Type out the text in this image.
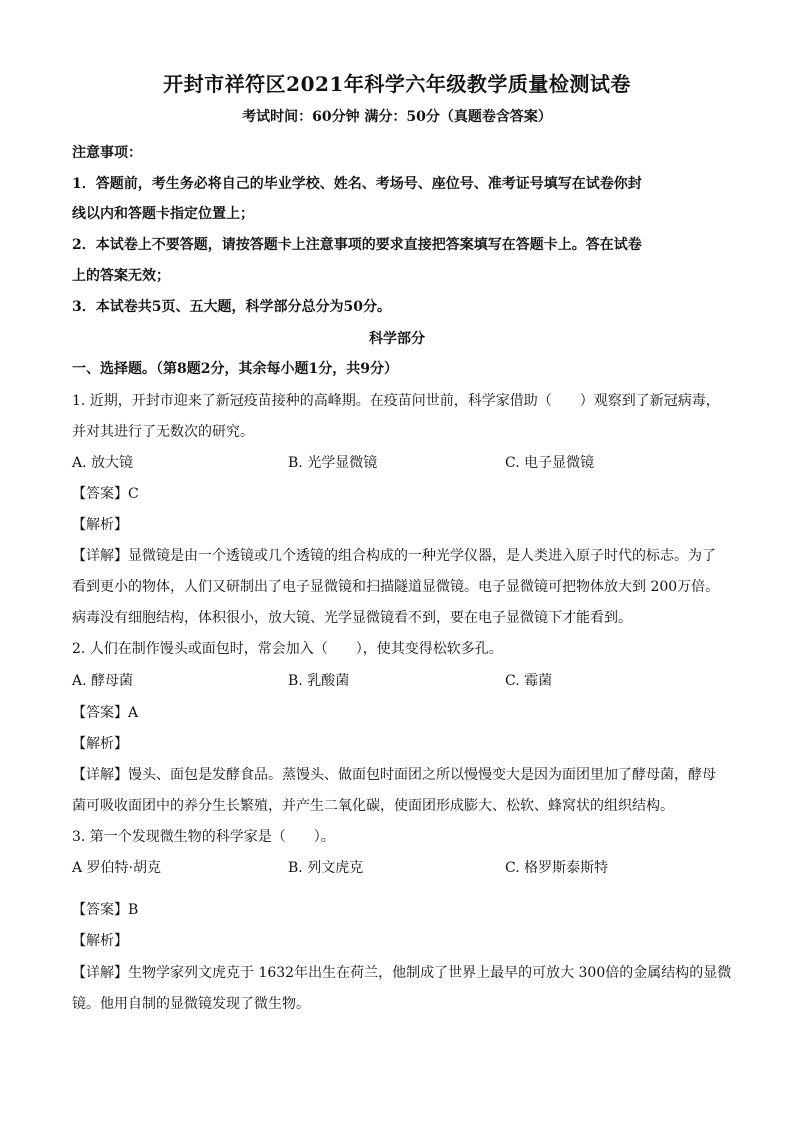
开封市祥符区2021年科学六年级教学质量检测试卷
考试时间：60分钟 满分：50分（真题卷含答案）
注意事项：
1．答题前，考生务必将自己的毕业学校、姓名、考场号、座位号、准考证号填写在试卷你封
线以内和答题卡指定位置上；
2．本试卷上不要答题，请按答题卡上注意事项的要求直接把答案填写在答题卡上。答在试卷
上的答案无效；
3．本试卷共5页、五大题，科学部分总分为50分。
科学部分
一、选择题。（第8题2分，其余每小题1分，共9分）
1. 近期，开封市迎来了新冠疫苗接种的高峰期。在疫苗问世前，科学家借助（　　）观察到了新冠病毒，
并对其进行了无数次的研究。
A. 放大镜	B. 光学显微镜	C. 电子显微镜
【答案】C
【解析】
【详解】显微镜是由一个透镜或几个透镜的组合构成的一种光学仪器，是人类进入原子时代的标志。为了
看到更小的物体，人们又研制出了电子显微镜和扫描隧道显微镜。电子显微镜可把物体放大到 200万倍。
病毒没有细胞结构，体积很小，放大镜、光学显微镜看不到，要在电子显微镜下才能看到。
2. 人们在制作馒头或面包时，常会加入（　　），使其变得松软多孔。
A. 酵母菌	B. 乳酸菌	C. 霉菌
【答案】A
【解析】
【详解】馒头、面包是发酵食品。蒸馒头、做面包时面团之所以慢慢变大是因为面团里加了酵母菌，酵母
菌可吸收面团中的养分生长繁殖，并产生二氧化碳，使面团形成膨大、松软、蜂窝状的组织结构。
3. 第一个发现微生物的科学家是（　　）。
A 罗伯特·胡克	B. 列文虎克	C. 格罗斯泰斯特
【答案】B
【解析】
【详解】生物学家列文虎克于 1632年出生在荷兰，他制成了世界上最早的可放大 300倍的金属结构的显微
镜。他用自制的显微镜发现了微生物。
